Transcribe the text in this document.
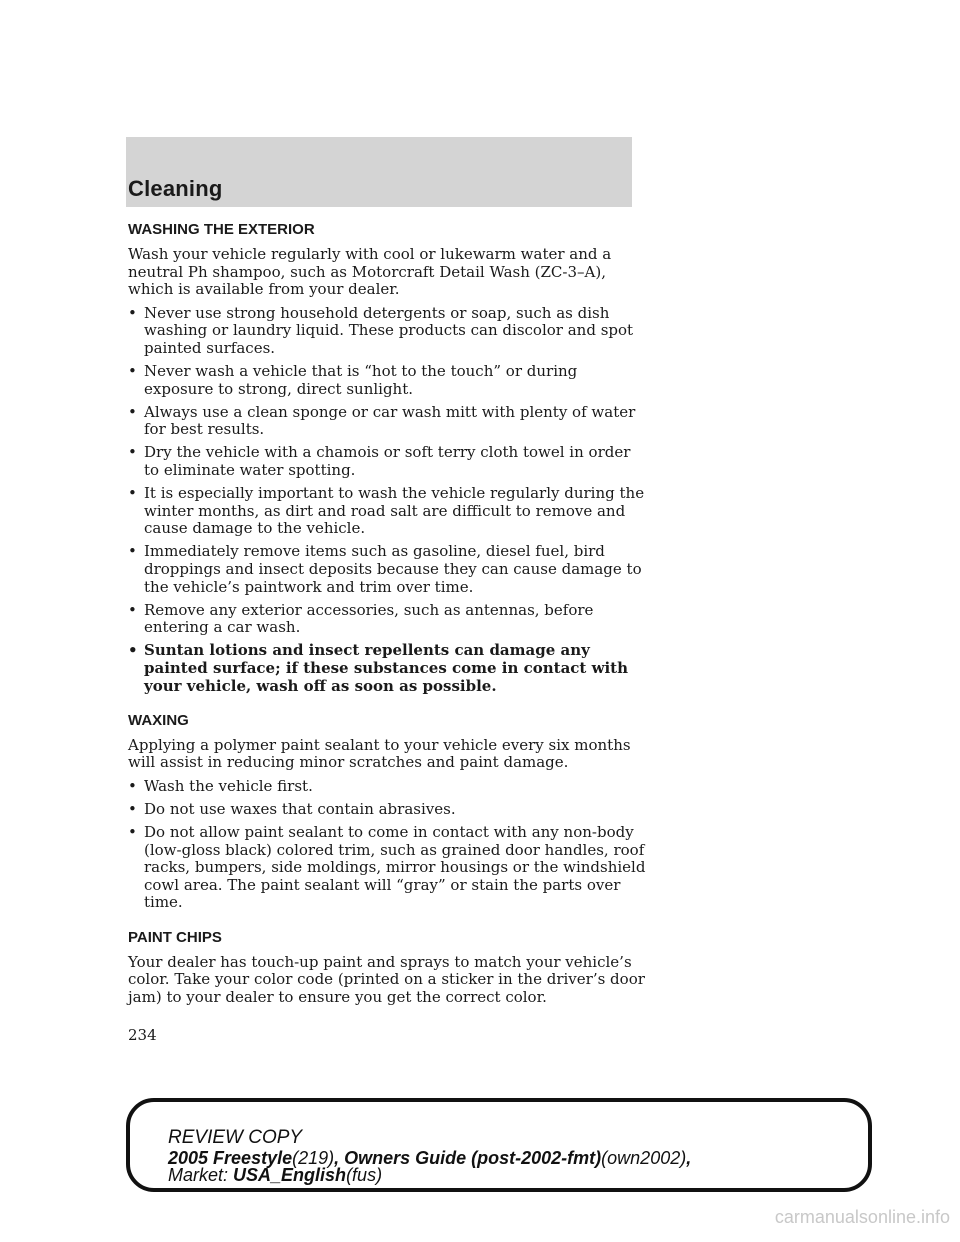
Cleaning
WASHING THE EXTERIOR

Wash your vehicle regularly with cool or lukewarm water and a neutral Ph shampoo, such as Motorcraft Detail Wash (ZC-3–A), which is available from your dealer.

• Never use strong household detergents or soap, such as dish washing or laundry liquid. These products can discolor and spot painted surfaces.
• Never wash a vehicle that is “hot to the touch” or during exposure to strong, direct sunlight.
• Always use a clean sponge or car wash mitt with plenty of water for best results.
• Dry the vehicle with a chamois or soft terry cloth towel in order to eliminate water spotting.
• It is especially important to wash the vehicle regularly during the winter months, as dirt and road salt are difficult to remove and cause damage to the vehicle.
• Immediately remove items such as gasoline, diesel fuel, bird droppings and insect deposits because they can cause damage to the vehicle’s paintwork and trim over time.
• Remove any exterior accessories, such as antennas, before entering a car wash.
• Suntan lotions and insect repellents can damage any painted surface; if these substances come in contact with your vehicle, wash off as soon as possible.
WAXING

Applying a polymer paint sealant to your vehicle every six months will assist in reducing minor scratches and paint damage.

• Wash the vehicle first.
• Do not use waxes that contain abrasives.
• Do not allow paint sealant to come in contact with any non-body (low-gloss black) colored trim, such as grained door handles, roof racks, bumpers, side moldings, mirror housings or the windshield cowl area. The paint sealant will “gray” or stain the parts over time.
PAINT CHIPS

Your dealer has touch-up paint and sprays to match your vehicle’s color. Take your color code (printed on a sticker in the driver’s door jam) to your dealer to ensure you get the correct color.

234
REVIEW COPY
2005 Freestyle(219), Owners Guide (post-2002-fmt)(own2002),
Market: USA_English(fus)
carmanualsonline.info
